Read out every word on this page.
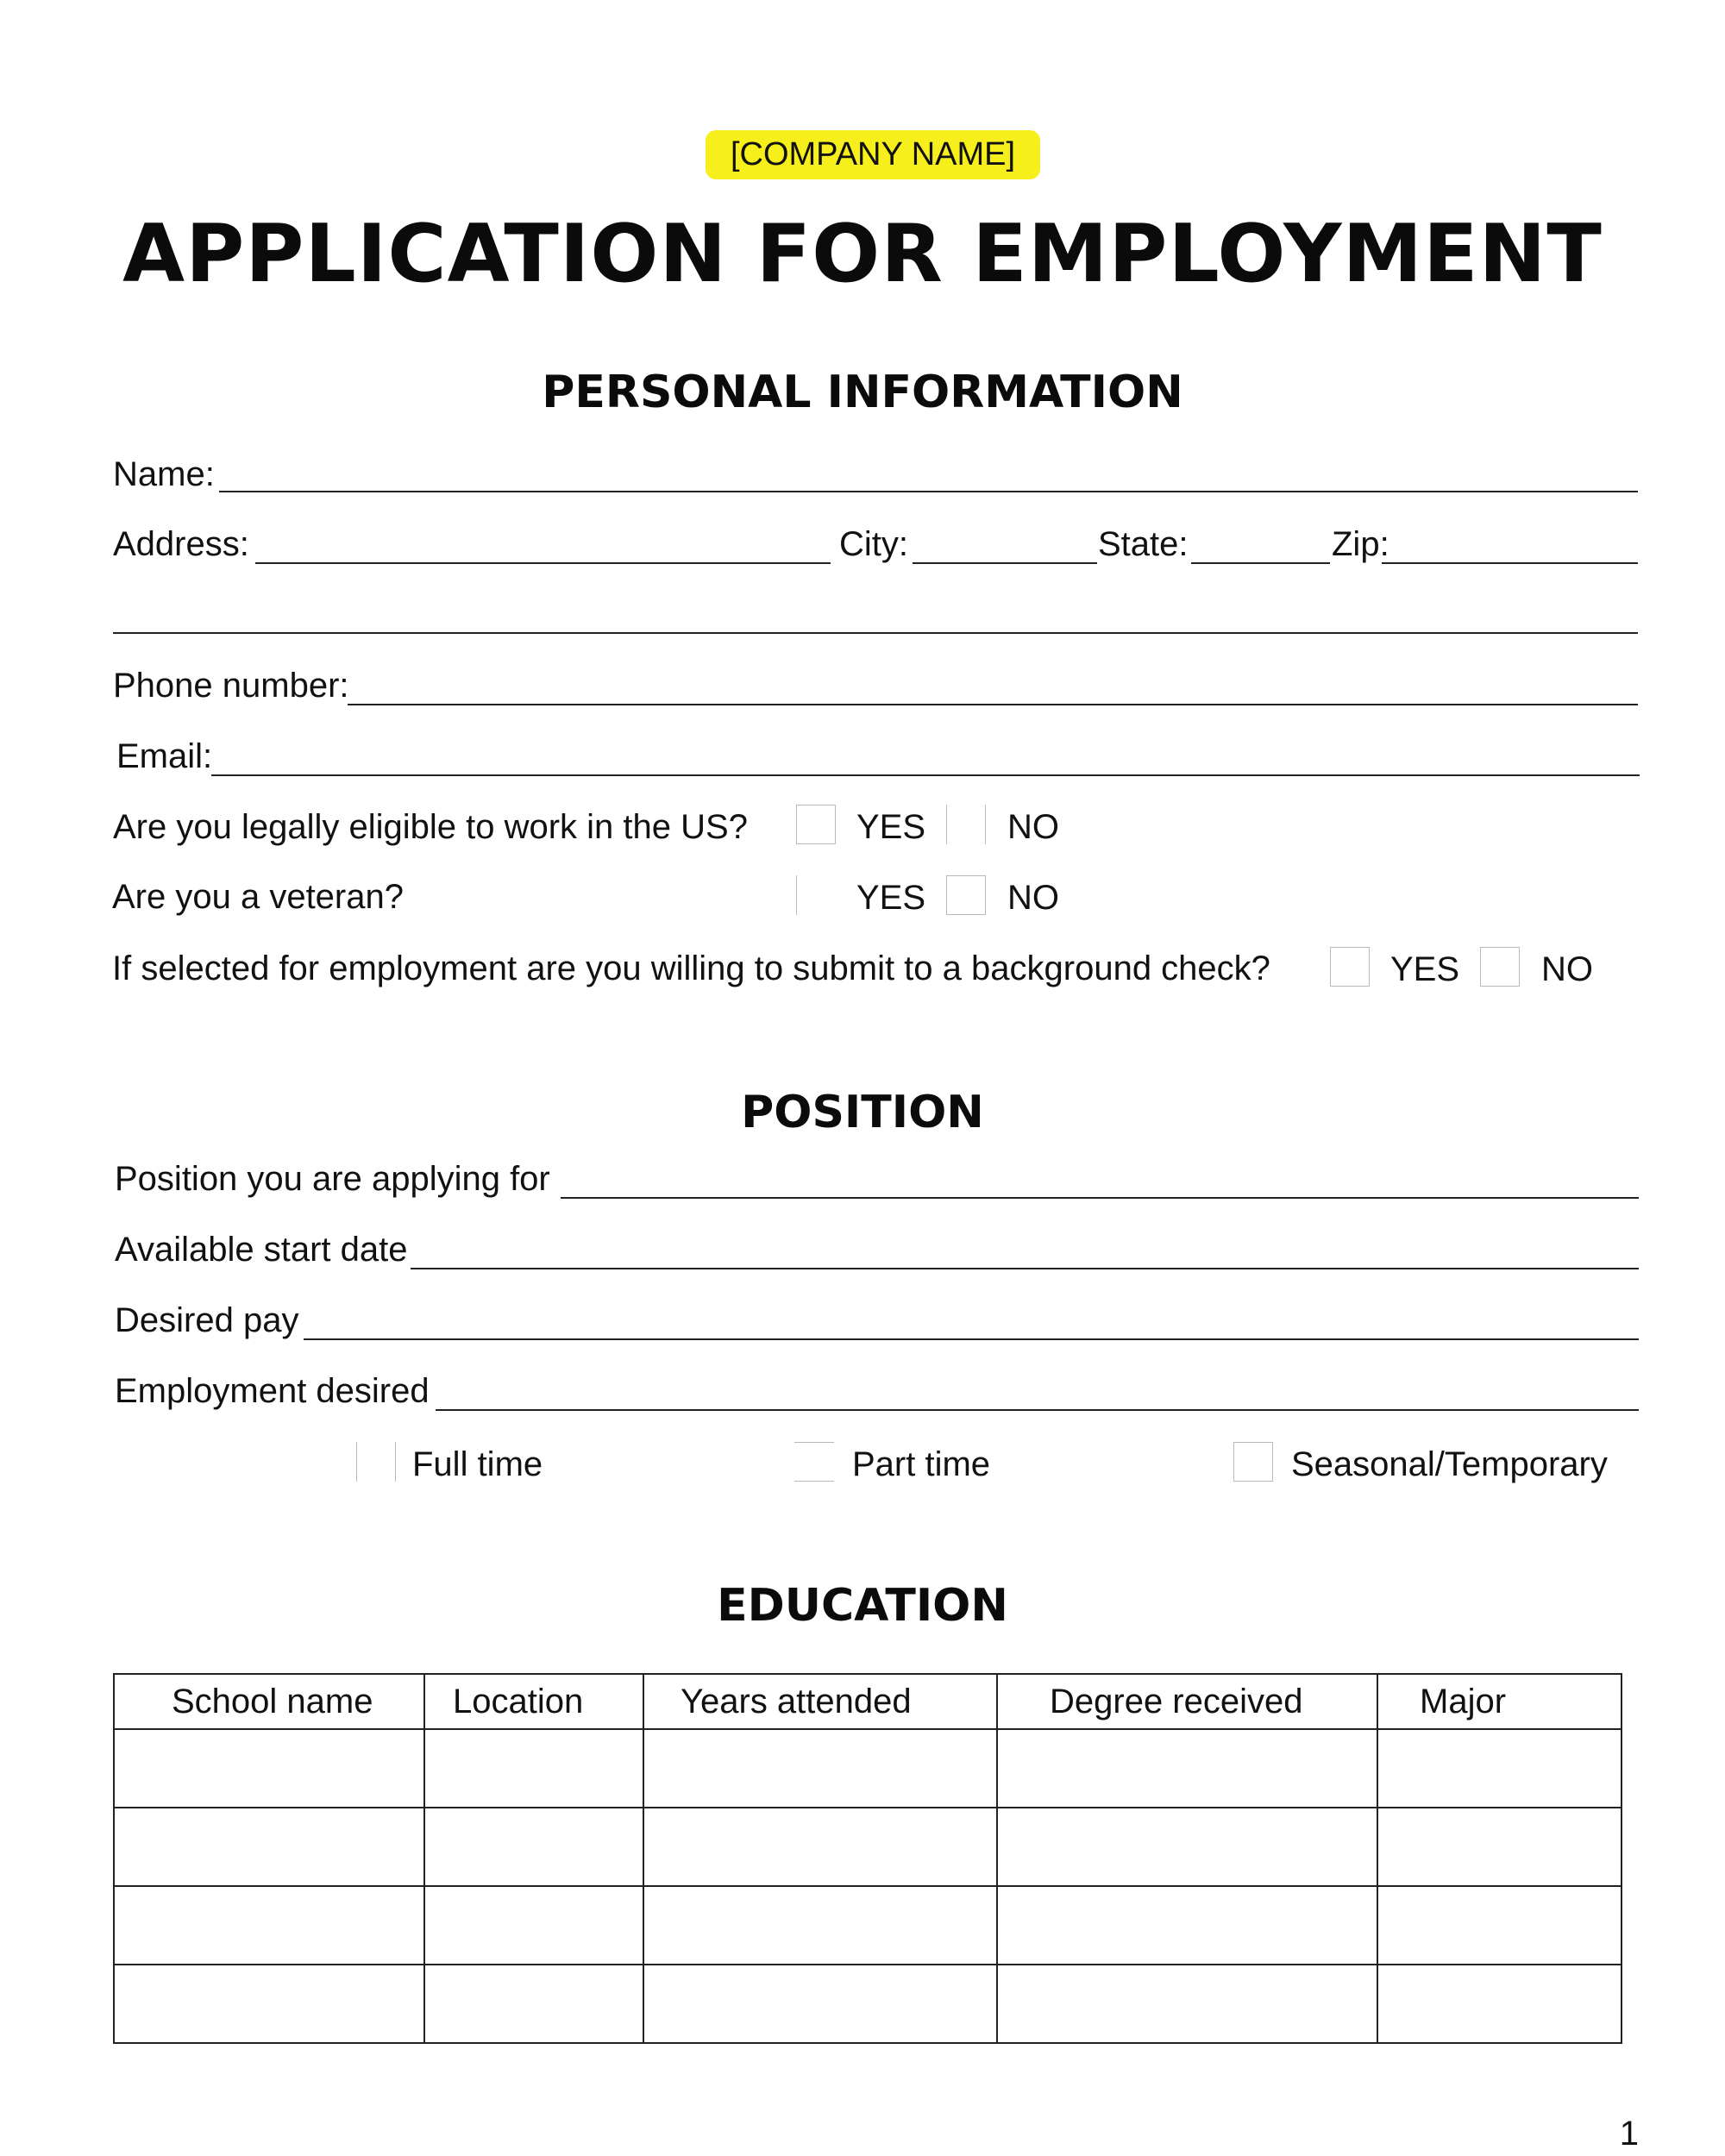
[COMPANY NAME]
APPLICATION FOR EMPLOYMENT
PERSONAL INFORMATION
Name:
Address:	City:	State:	Zip:
Phone number:
Email:
Are you legally eligible to work in the US?	YES NO
Are you a veteran?	YES NO
If selected for employment are you willing to submit to a background check?	YES NO
POSITION
Position you are applying for
Available start date
Desired pay
Employment desired
Full time	Part time	Seasonal/Temporary
EDUCATION
School name	Location	Years attended	Degree received	Major

1
